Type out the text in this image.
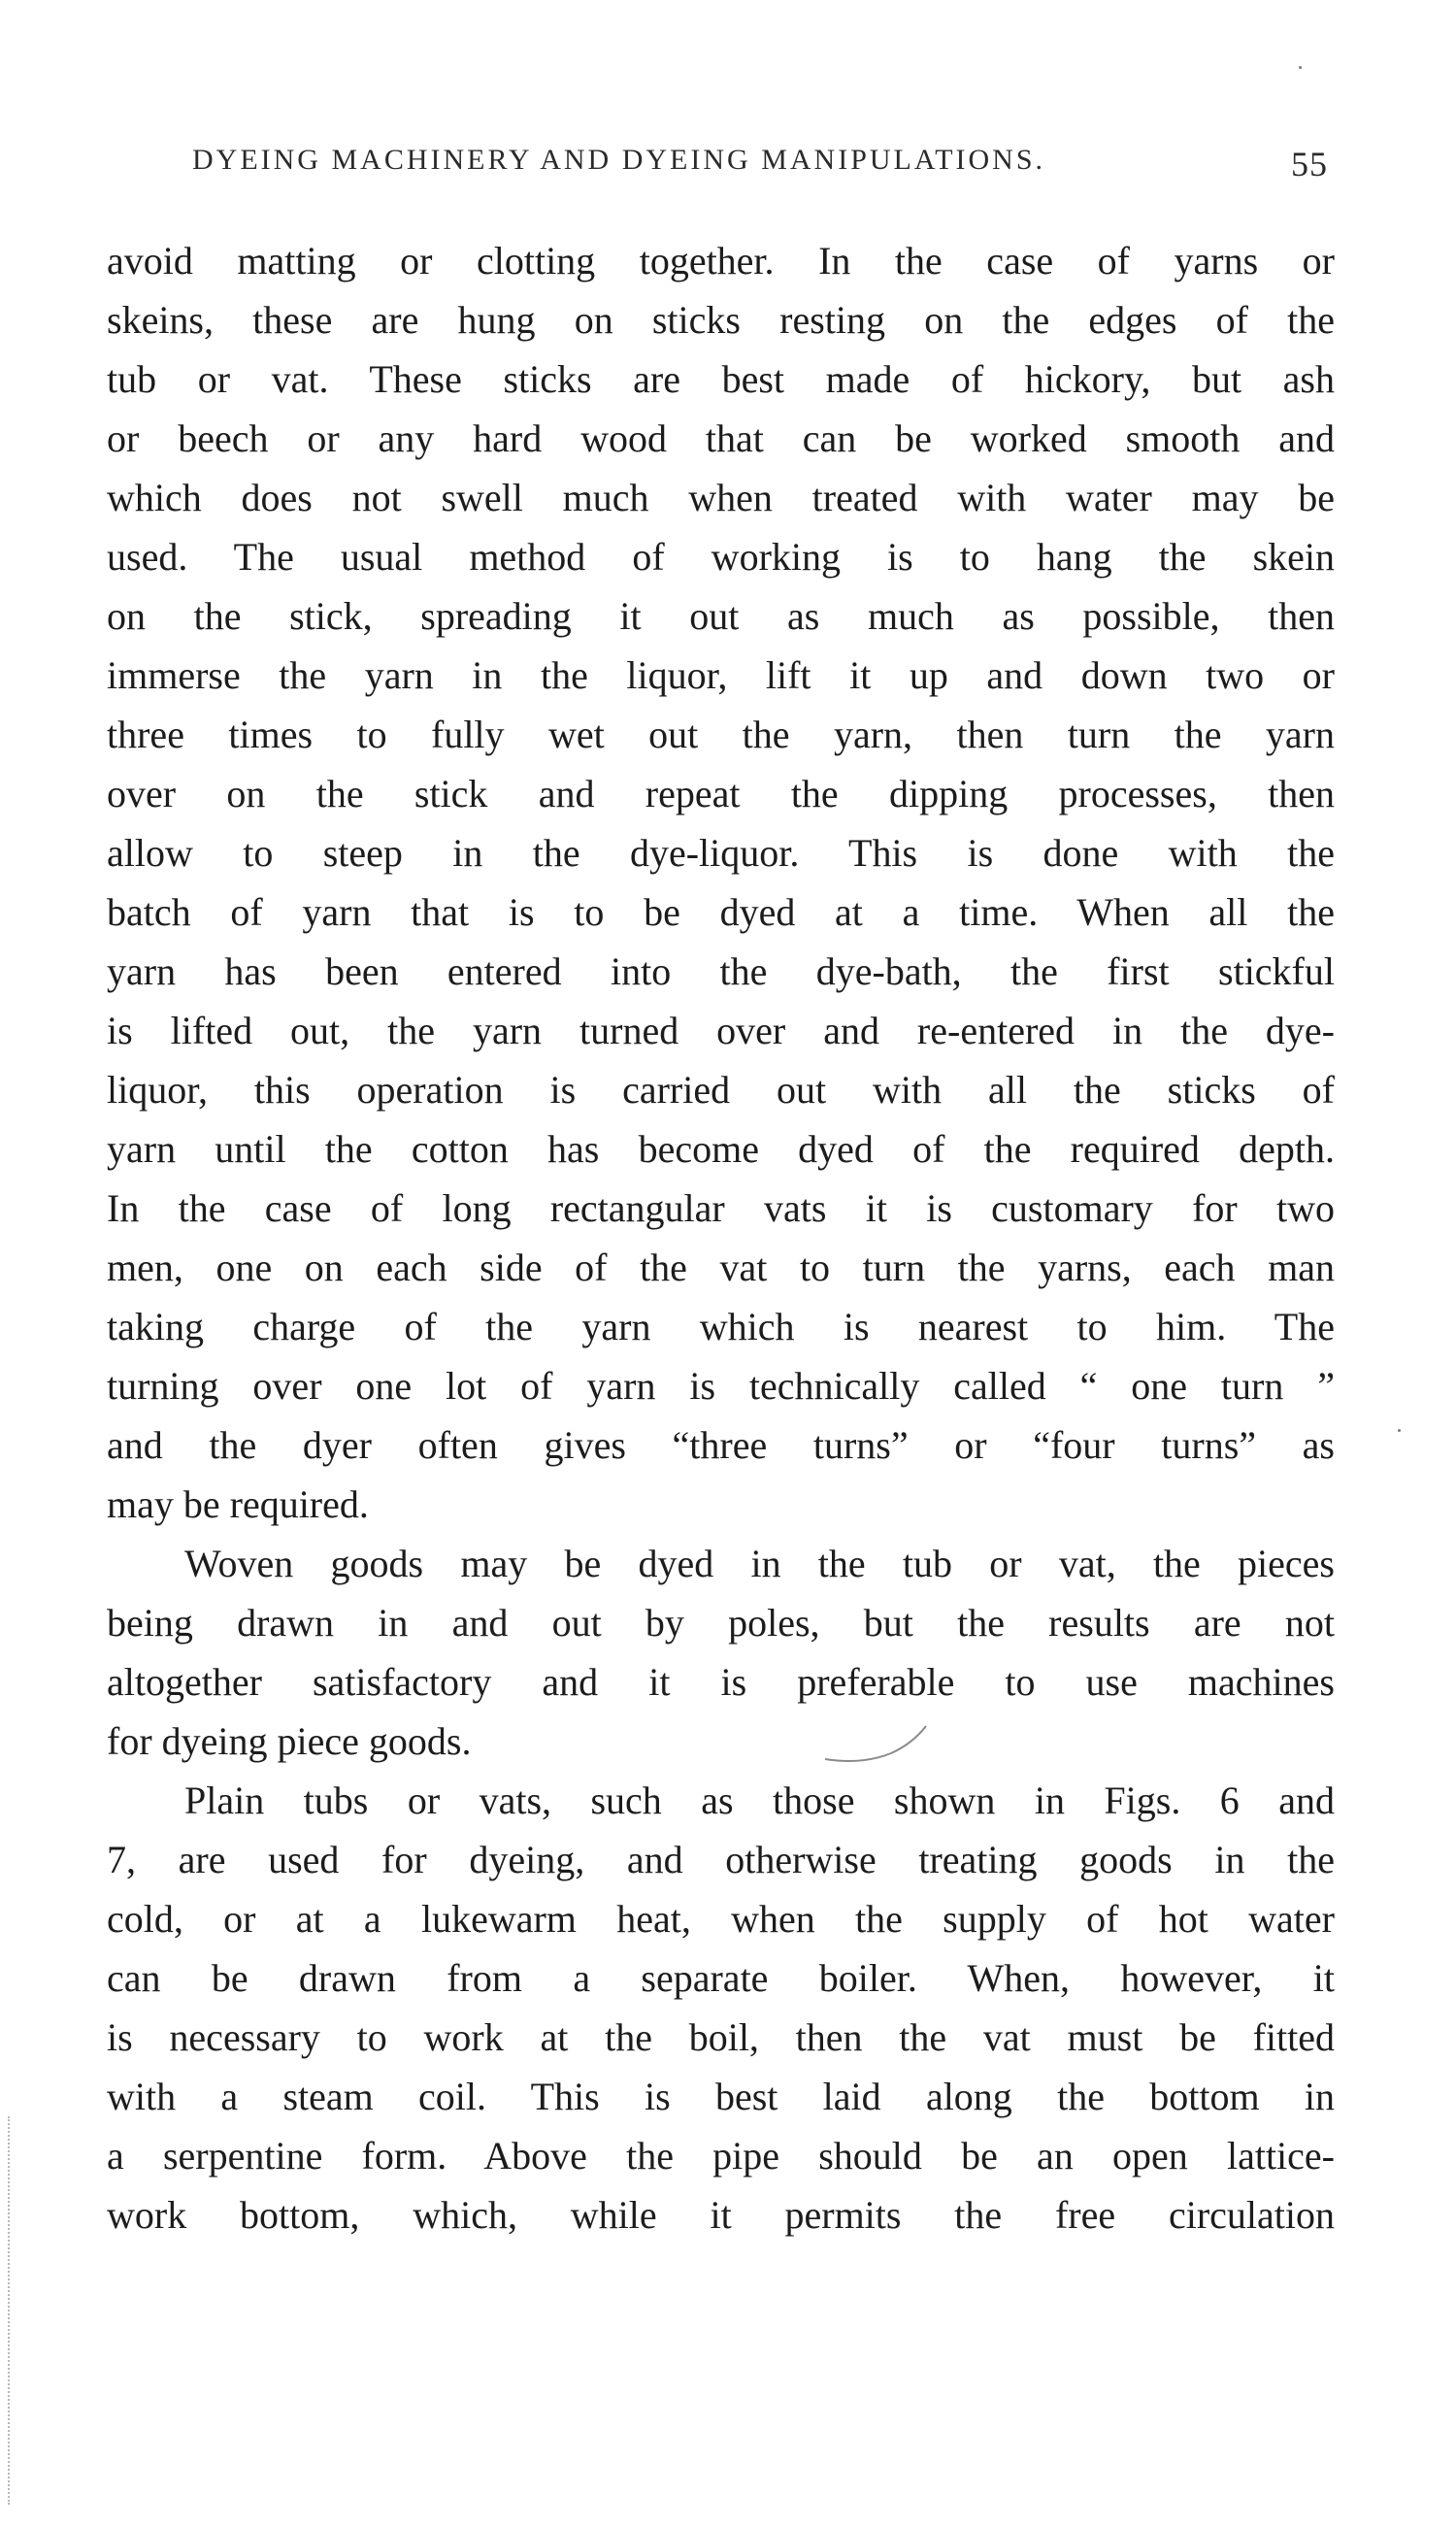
DYEING MACHINERY AND DYEING MANIPULATIONS.	55
avoid matting or clotting together. In the case of yarns or
skeins, these are hung on sticks resting on the edges of the
tub or vat. These sticks are best made of hickory, but ash
or beech or any hard wood that can be worked smooth and
which does not swell much when treated with water may be
used. The usual method of working is to hang the skein
on the stick, spreading it out as much as possible, then
immerse the yarn in the liquor, lift it up and down two or
three times to fully wet out the yarn, then turn the yarn
over on the stick and repeat the dipping processes, then
allow to steep in the dye-liquor. This is done with the
batch of yarn that is to be dyed at a time. When all the
yarn has been entered into the dye-bath, the first stickful
is lifted out, the yarn turned over and re-entered in the dye-
liquor, this operation is carried out with all the sticks of
yarn until the cotton has become dyed of the required depth.
In the case of long rectangular vats it is customary for two
men, one on each side of the vat to turn the yarns, each man
taking charge of the yarn which is nearest to him. The
turning over one lot of yarn is technically called “ one turn ”
and the dyer often gives “three turns” or “four turns” as
may be required.
Woven goods may be dyed in the tub or vat, the pieces
being drawn in and out by poles, but the results are not
altogether satisfactory and it is preferable to use machines
for dyeing piece goods.
Plain tubs or vats, such as those shown in Figs. 6 and
7, are used for dyeing, and otherwise treating goods in the
cold, or at a lukewarm heat, when the supply of hot water
can be drawn from a separate boiler. When, however, it
is necessary to work at the boil, then the vat must be fitted
with a steam coil. This is best laid along the bottom in
a serpentine form. Above the pipe should be an open lattice-
work bottom, which, while it permits the free circulation
